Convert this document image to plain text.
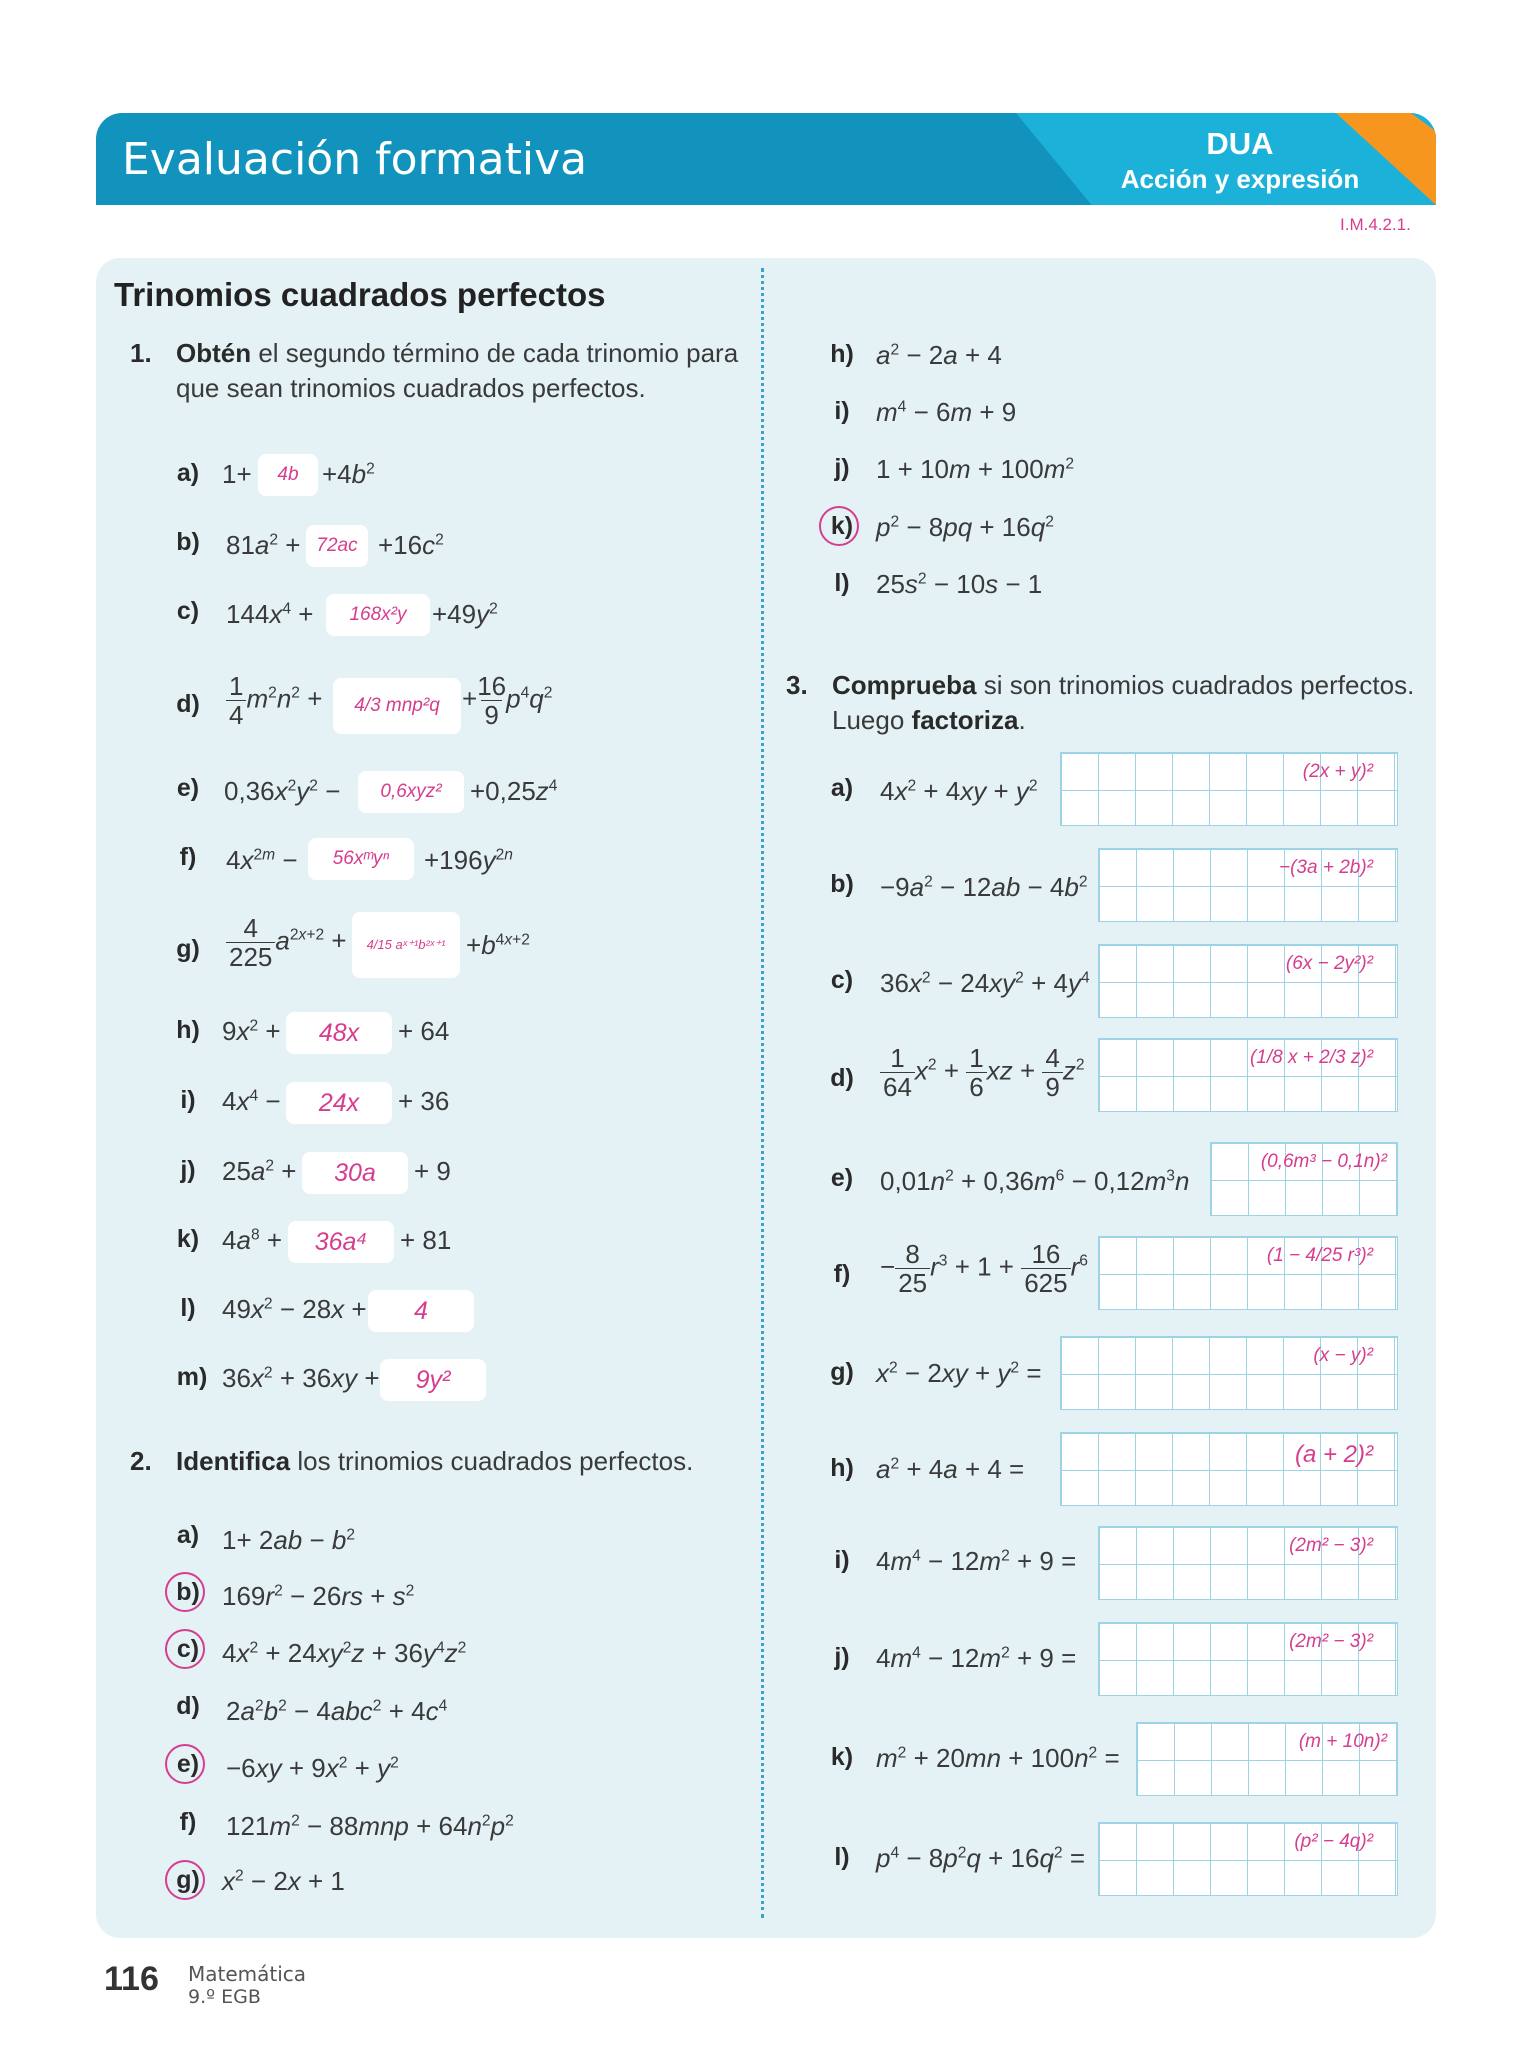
Evaluación formativa	DUA
Acción y expresión
I.M.4.2.1.
Trinomios cuadrados perfectos
1. Obtén el segundo término de cada trinomio para que sean trinomios cuadrados perfectos.
a) 1+	$4b +4b^2$
b)	$81a^2 + 72ac +16c^2$
c)	$144x^4$ +	$168x^2y +49y^2$
d)
1
$4m^2n^2$ +	4/3 mnp²q +16
$9p^4q^2$
e) $0,36x^2y^2$ −	0,6xyz²	$+0,25z^4$
f)	$4x^{2m}$ −	56xᵐyⁿ	$+196y^{2n}$
g)
4
$225a^{2x+2}$ +	4/15 aˣ⁺¹b²ˣ⁺¹ $+b^{4x+2}$
h) $9x^2$ +	48x	+ 64
i)	$4x^4$ −	24x	+ 36
j)	$25a^2$ +	30a	+ 9
k) $4a^8$ +	36a⁴	+ 81
l)	$49x^2 - 28x$ +	4
m) $36x^2 + 36xy$ +	9y²
2. Identifica los trinomios cuadrados perfectos.
a) $1+ 2ab - b^2$
b) $169r^2 - 26rs + s^2$
c) $4x^2 + 24xy^2z + 36y^4z^2$
d)	$2a^2b^2 - 4abc^2 + 4c^4$
e)	$-6xy + 9x^2 + y^2$
f)	$121m^2 - 88mnp + 64n^2p^2$
g) $x^2 - 2x + 1$
h) $a^2 - 2a + 4$
i)	$m^4 - 6m + 9$
j)	$1 + 10m + 100m^2$
k) $p^2 - 8pq + 16q^2$
l)	$25s^2 - 10s - 1$
3. Comprueba si son trinomios cuadrados perfectos.
Luego factoriza.
a)	$4x^2 + 4xy + y^2$
(2x + y)²
b)	$-9a^2 - 12ab - 4b^2$
−(3a + 2b)²
c)	$36x^2 - 24xy^2 + 4y^4$
(6x − 2y²)²
d)
1
$64x^2 + 1$
6xz + 4
$9z^2$	(1/8 x + 2/3 z)²
e)	$0,01n^2 + 0,36m^6 - 0,12m^3n$
(0,6m³ − 0,1n)²
f)	− 8
$25r^3 + 1 + 16$
$625r^6$	(1 − 4/25 r³)²
g) $x^2 - 2xy + y^2$ =
(x − y)²
h) $a^2 + 4a + 4$ =	(a + 2)²
i)	$4m^4 - 12m^2 + 9$ =
(2m² − 3)²
j)	$4m^4 - 12m^2 + 9$ =
(2m² − 3)²
k) $m^2 + 20mn + 100n^2$ =
(m + 10n)²
l)	$p^4 - 8p^2q + 16q^2$ =
(p² − 4q)²
116 Matemática
9.º EGB
